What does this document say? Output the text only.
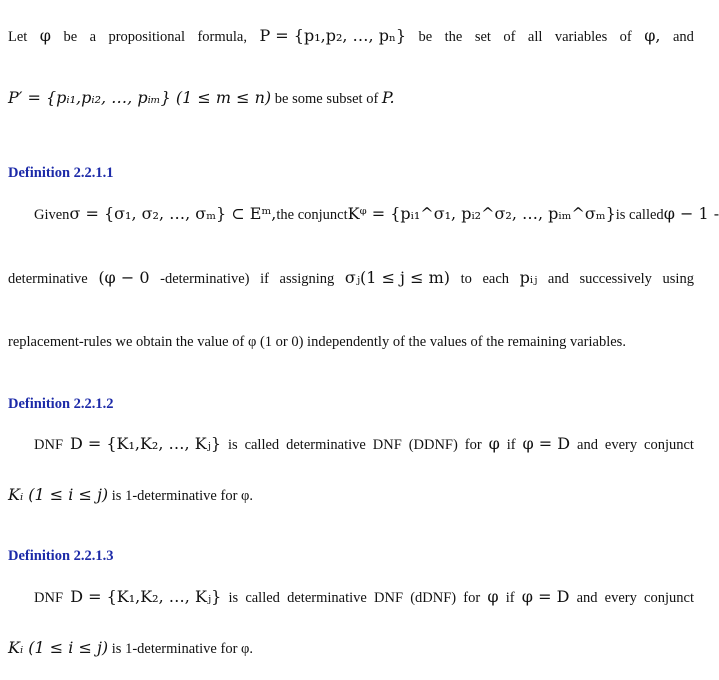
Let φ be a propositional formula, P = {p₁,p₂, …, pₙ} be the set of all variables of φ, and
P′ = {pᵢ₁,pᵢ₂, …, pᵢₘ} (1 ≤ m ≤ n) be some subset of P.
Definition 2.2.1.1
Given σ = {σ₁, σ₂, …, σₘ} ⊂ Eᵐ, the conjunct Kᵠ = {pᵢ₁^σ₁, pᵢ₂^σ₂, …, pᵢₘ^σₘ} is called φ − 1 -
determinative (φ − 0 -determinative) if assigning σⱼ(1 ≤ j ≤ m) to each pᵢⱼ and successively using
replacement-rules we obtain the value of φ (1 or 0) independently of the values of the remaining variables.
Definition 2.2.1.2
DNF D = {K₁,K₂, …, Kⱼ} is called determinative DNF (DDNF) for φ if φ = D and every conjunct
Kᵢ (1 ≤ i ≤ j) is 1-determinative for φ.
Definition 2.2.1.3
DNF D = {K₁,K₂, …, Kⱼ} is called determinative DNF (dDNF) for φ if φ = D and every conjunct
Kᵢ (1 ≤ i ≤ j) is 1-determinative for φ.
